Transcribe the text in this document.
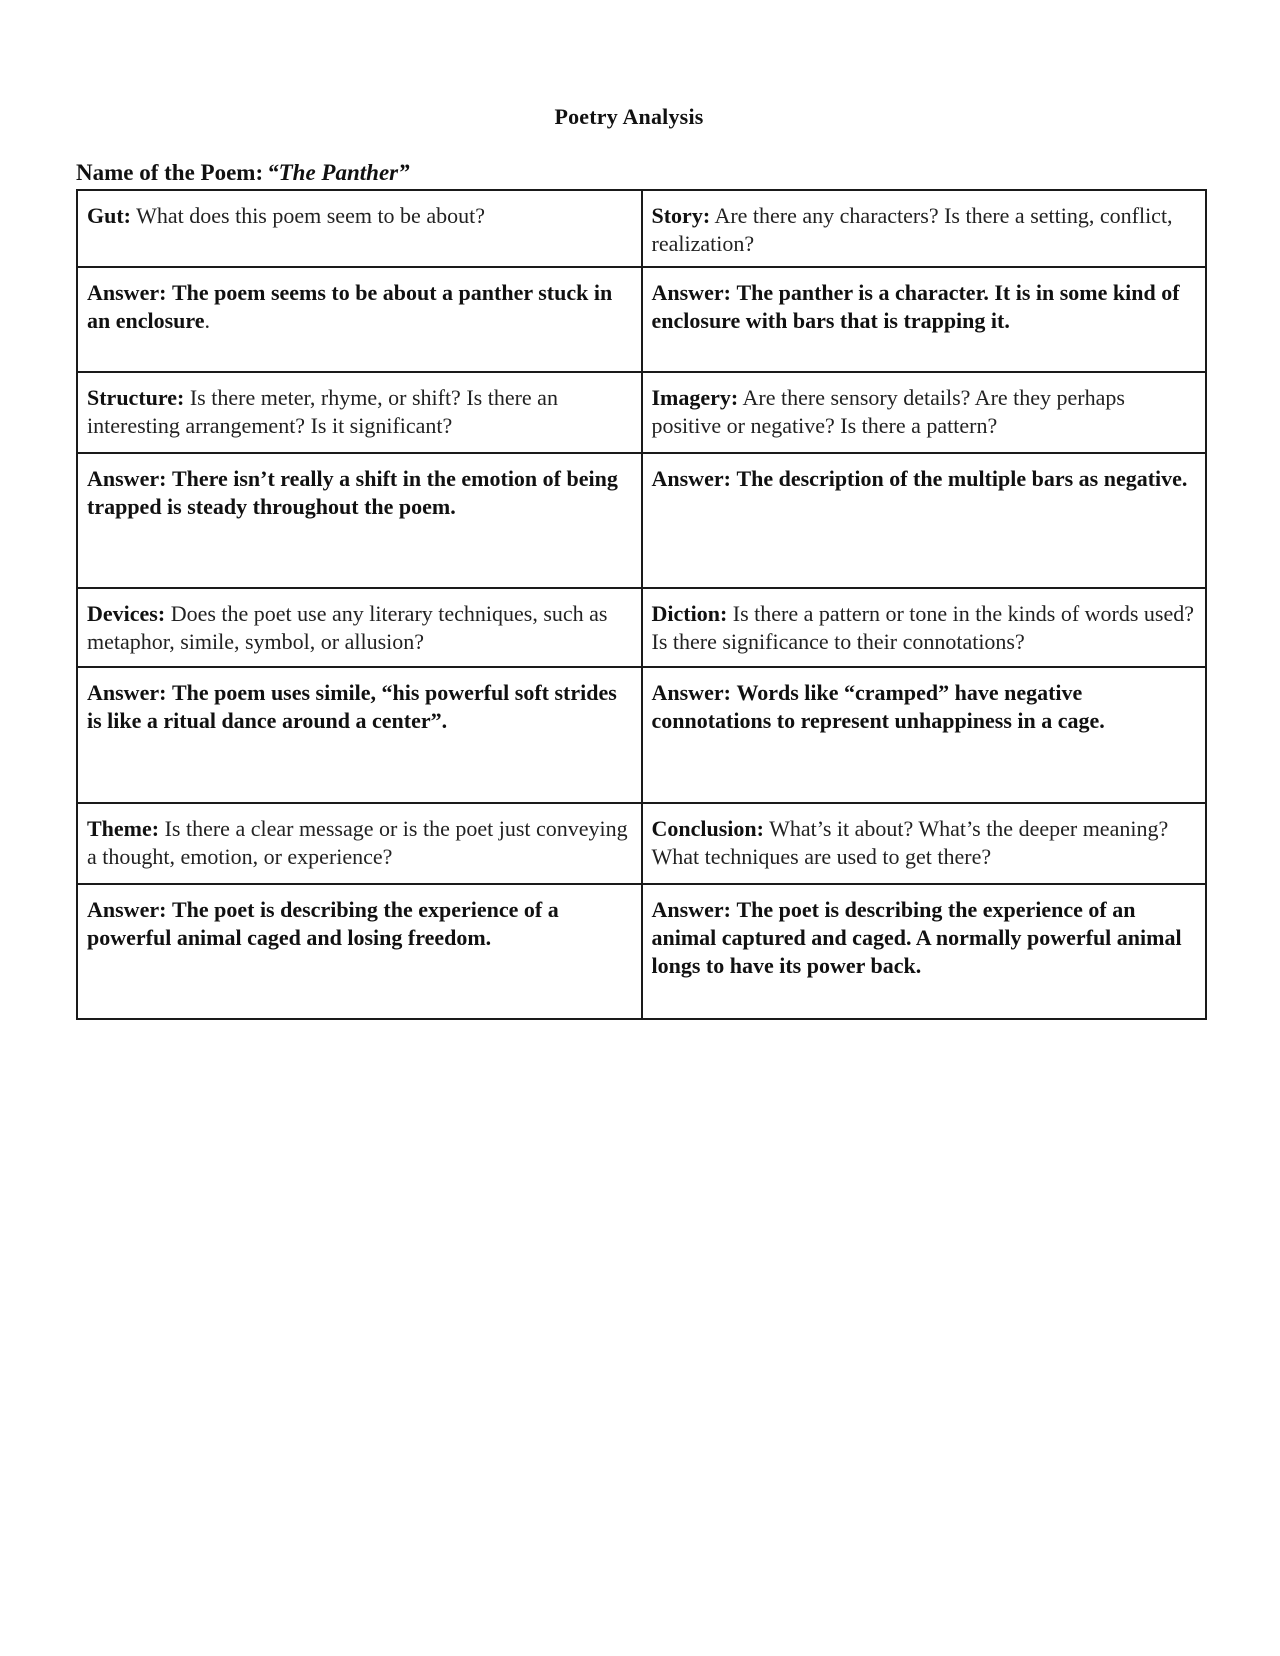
Poetry Analysis
Name of the Poem: “The Panther”
Gut: What does this poem seem to be about?	Story: Are there any characters? Is there a setting, conflict, realization?
Answer: The poem seems to be about a panther stuck in an enclosure.	Answer: The panther is a character. It is in some kind of enclosure with bars that is trapping it.
Structure: Is there meter, rhyme, or shift? Is there an interesting arrangement? Is it significant?	Imagery: Are there sensory details? Are they perhaps positive or negative? Is there a pattern?
Answer: There isn’t really a shift in the emotion of being trapped is steady throughout the poem.	Answer: The description of the multiple bars as negative.
Devices: Does the poet use any literary techniques, such as metaphor, simile, symbol, or allusion?	Diction: Is there a pattern or tone in the kinds of words used? Is there significance to their connotations?
Answer: The poem uses simile, “his powerful soft strides is like a ritual dance around a center”.	Answer: Words like “cramped” have negative connotations to represent unhappiness in a cage.
Theme: Is there a clear message or is the poet just conveying a thought, emotion, or experience?	Conclusion: What’s it about? What’s the deeper meaning? What techniques are used to get there?
Answer: The poet is describing the experience of a powerful animal caged and losing freedom.	Answer: The poet is describing the experience of an animal captured and caged. A normally powerful animal longs to have its power back.
